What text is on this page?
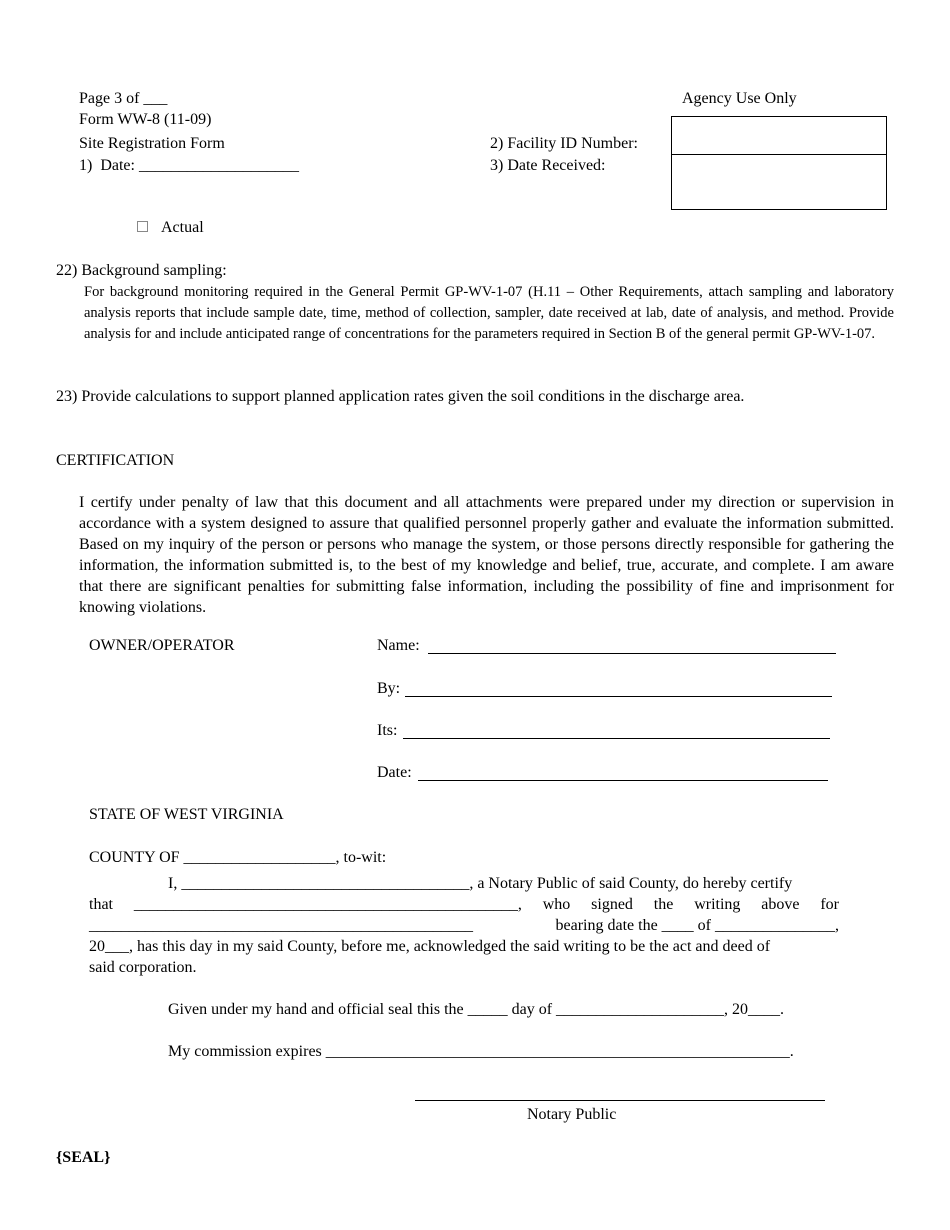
Page 3 of ___
Form WW-8 (11-09)
Site Registration Form
1)  Date: ____________________
2) Facility ID Number:
3) Date Received:
Agency Use Only
Actual
22) Background sampling:
For background monitoring required in the General Permit GP-WV-1-07 (H.11 – Other Requirements, attach sampling and laboratory analysis reports that include sample date, time, method of collection, sampler, date received at lab, date of analysis, and method. Provide analysis for and include anticipated range of concentrations for the parameters required in Section B of the general permit GP-WV-1-07.
23) Provide calculations to support planned application rates given the soil conditions in the discharge area.
CERTIFICATION
I certify under penalty of law that this document and all attachments were prepared under my direction or supervision in accordance with a system designed to assure that qualified personnel properly gather and evaluate the information submitted. Based on my inquiry of the person or persons who manage the system, or those persons directly responsible for gathering the information, the information submitted is, to the best of my knowledge and belief, true, accurate, and complete. I am aware that there are significant penalties for submitting false information, including the possibility of fine and imprisonment for knowing violations.
OWNER/OPERATOR	Name:
By:
Its:
Date:
STATE OF WEST VIRGINIA
COUNTY OF ___________________, to-wit:
I, ____________________________________, a Notary Public of said County, do hereby certify
that ________________________________________________, who signed the writing above for
________________________________________________	bearing date the ____ of _______________,
20___, has this day in my said County, before me, acknowledged the said writing to be the act and deed of
said corporation.
Given under my hand and official seal this the _____ day of _____________________, 20____.
My commission expires __________________________________________________________.
Notary Public
{SEAL}
